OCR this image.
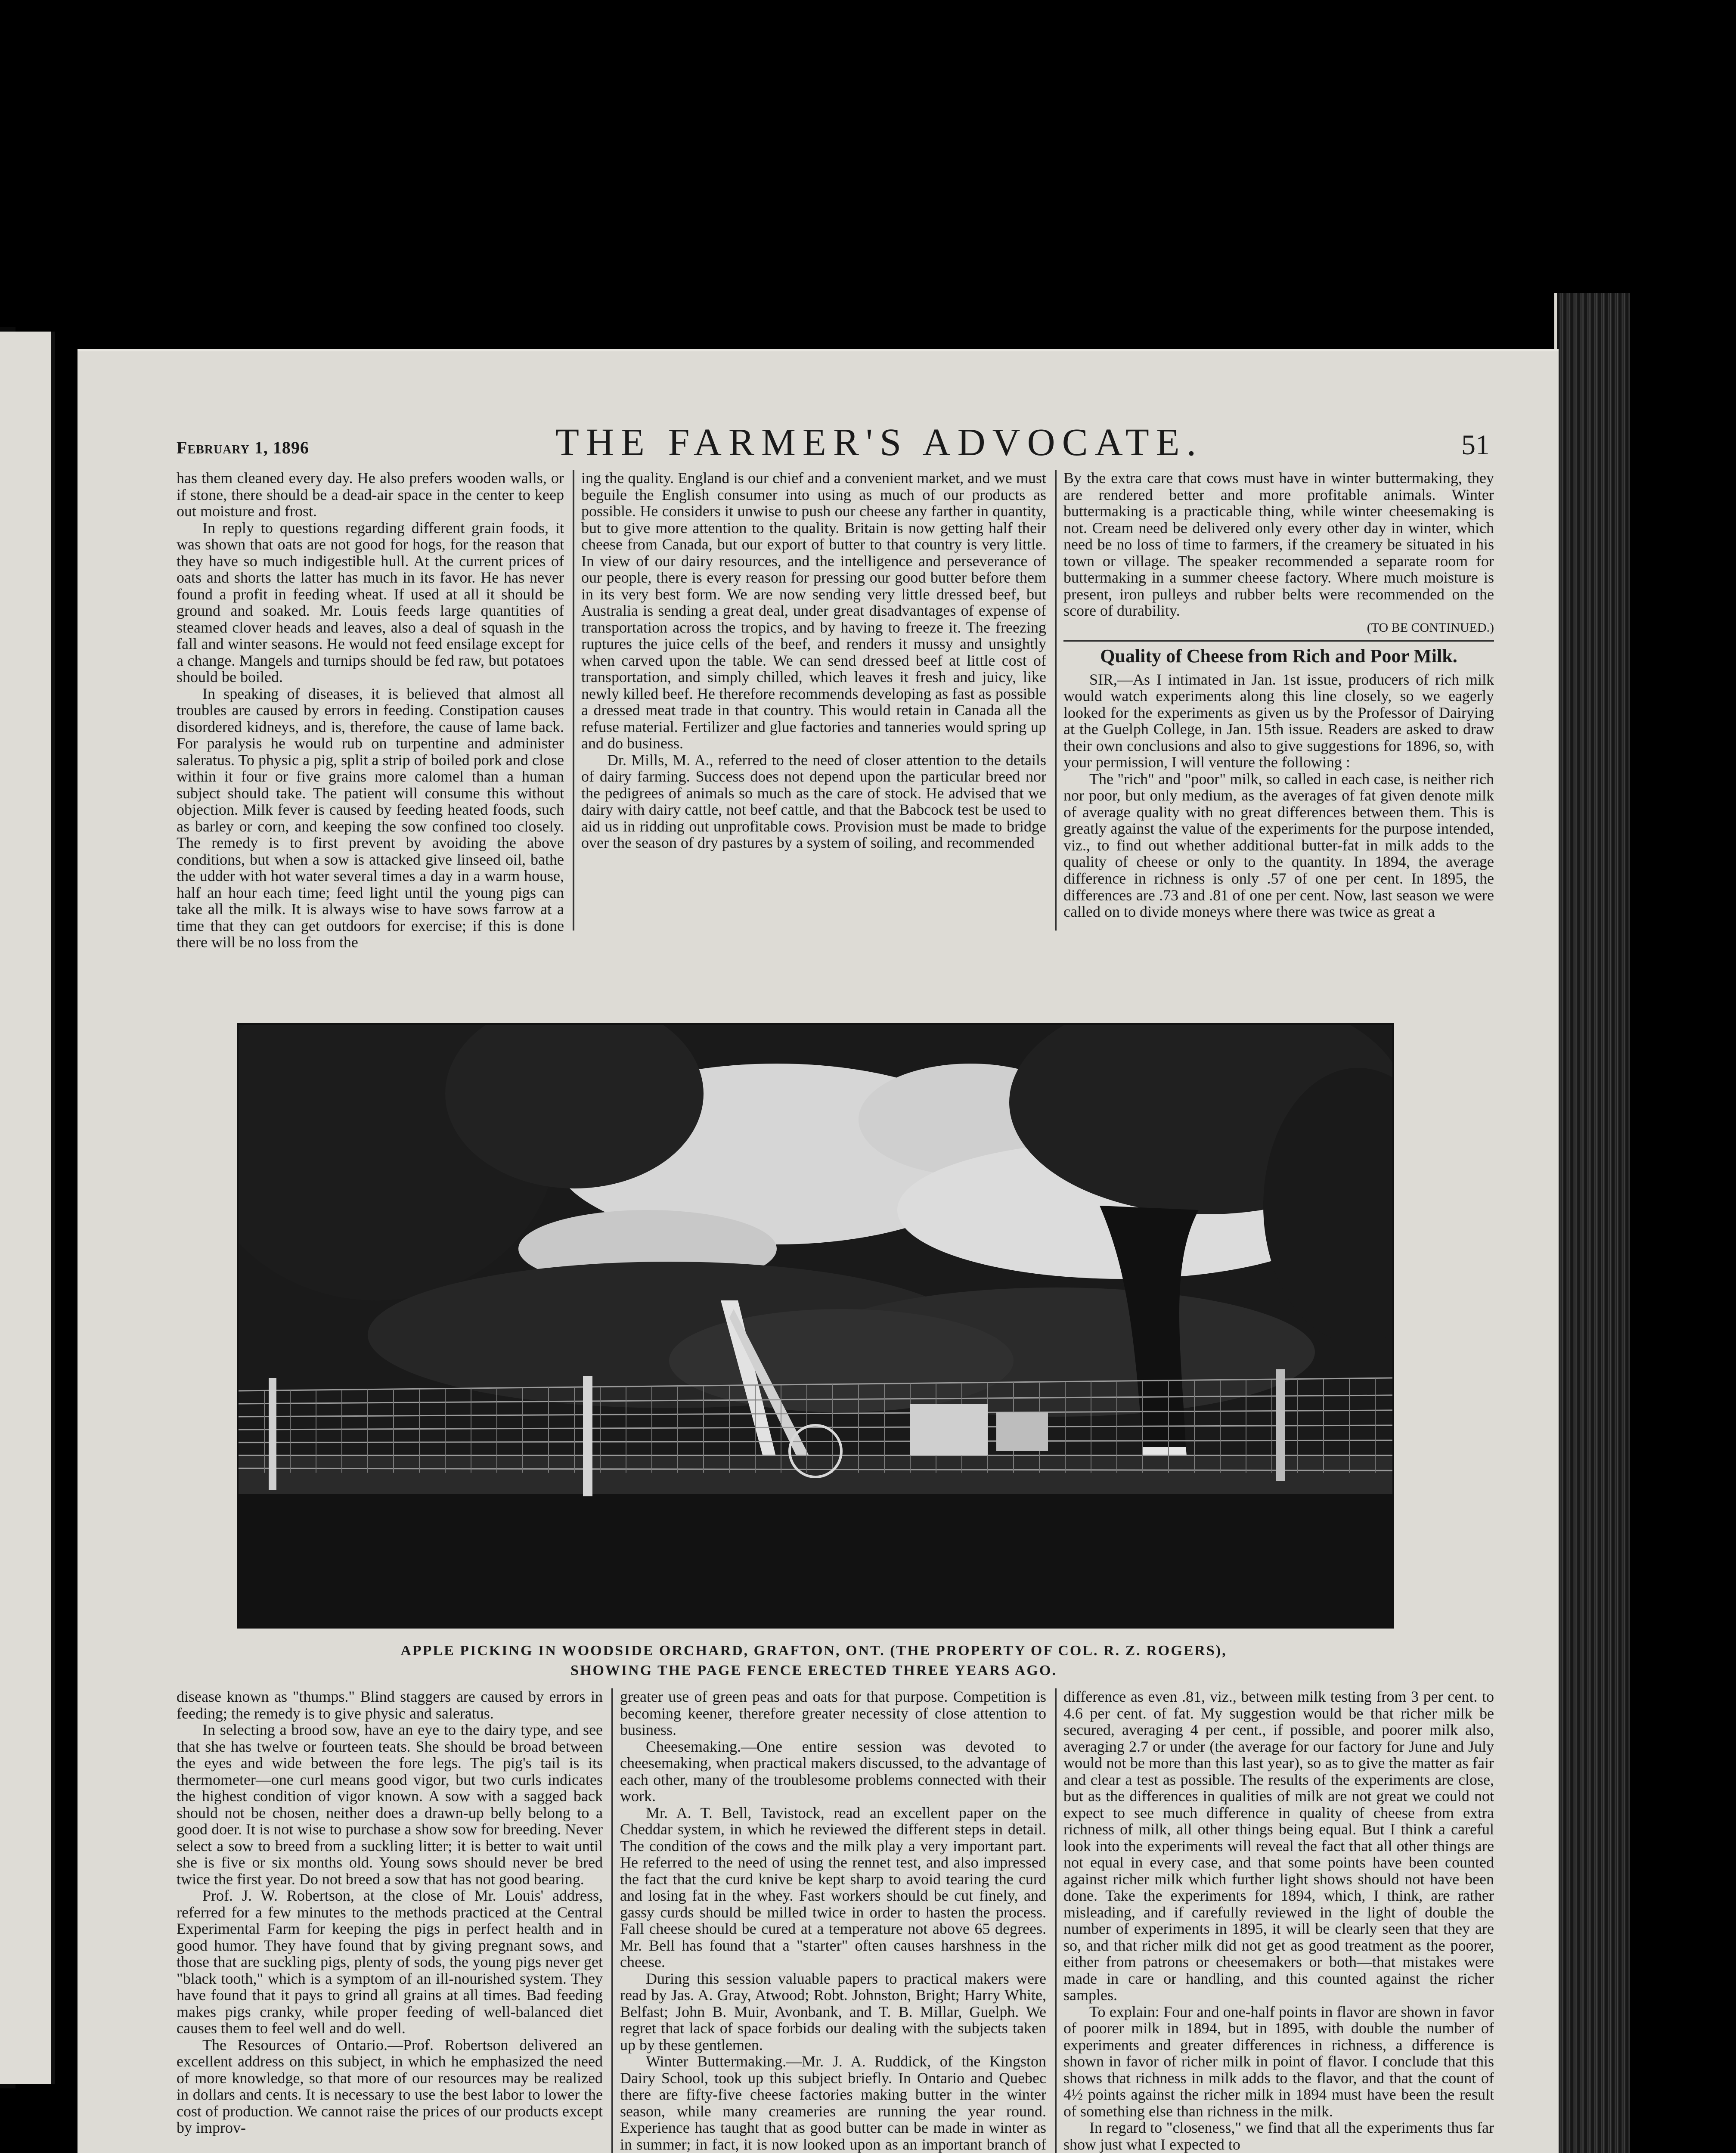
February 1, 1896	THE FARMER'S ADVOCATE.	51

has them cleaned every day. He also prefers wooden walls, or if stone, there should be a dead-air space in the center to keep out moisture and frost.

In reply to questions regarding different grain foods, it was shown that oats are not good for hogs, for the reason that they have so much indigestible hull. At the current prices of oats and shorts the latter has much in its favor. He has never found a profit in feeding wheat. If used at all it should be ground and soaked. Mr. Louis feeds large quantities of steamed clover heads and leaves, also a deal of squash in the fall and winter seasons. He would not feed ensilage except for a change. Mangels and turnips should be fed raw, but potatoes should be boiled.

In speaking of diseases, it is believed that almost all troubles are caused by errors in feeding. Constipation causes disordered kidneys, and is, therefore, the cause of lame back. For paralysis he would rub on turpentine and administer saleratus. To physic a pig, split a strip of boiled pork and close within it four or five grains more calomel than a human subject should take. The patient will consume this without objection. Milk fever is caused by feeding heated foods, such as barley or corn, and keeping the sow confined too closely. The remedy is to first prevent by avoiding the above conditions, but when a sow is attacked give linseed oil, bathe the udder with hot water several times a day in a warm house, half an hour each time; feed light until the young pigs can take all the milk. It is always wise to have sows farrow at a time that they can get outdoors for exercise; if this is done there will be no loss from the

ing the quality. England is our chief and a convenient market, and we must beguile the English consumer into using as much of our products as possible. He considers it unwise to push our cheese any farther in quantity, but to give more attention to the quality. Britain is now getting half their cheese from Canada, but our export of butter to that country is very little. In view of our dairy resources, and the intelligence and perseverance of our people, there is every reason for pressing our good butter before them in its very best form. We are now sending very little dressed beef, but Australia is sending a great deal, under great disadvantages of expense of transportation across the tropics, and by having to freeze it. The freezing ruptures the juice cells of the beef, and renders it mussy and unsightly when carved upon the table. We can send dressed beef at little cost of transportation, and simply chilled, which leaves it fresh and juicy, like newly killed beef. He therefore recommends developing as fast as possible a dressed meat trade in that country. This would retain in Canada all the refuse material. Fertilizer and glue factories and tanneries would spring up and do business.

Dr. Mills, M. A., referred to the need of closer attention to the details of dairy farming. Success does not depend upon the particular breed nor the pedigrees of animals so much as the care of stock. He advised that we dairy with dairy cattle, not beef cattle, and that the Babcock test be used to aid us in ridding out unprofitable cows. Provision must be made to bridge over the season of dry pastures by a system of soiling, and recommended

By the extra care that cows must have in winter buttermaking, they are rendered better and more profitable animals. Winter buttermaking is a practicable thing, while winter cheesemaking is not. Cream need be delivered only every other day in winter, which need be no loss of time to farmers, if the creamery be situated in his town or village. The speaker recommended a separate room for buttermaking in a summer cheese factory. Where much moisture is present, iron pulleys and rubber belts were recommended on the score of durability.

(TO BE CONTINUED.)

Quality of Cheese from Rich and Poor Milk.

SIR,—As I intimated in Jan. 1st issue, producers of rich milk would watch experiments along this line closely, so we eagerly looked for the experiments as given us by the Professor of Dairying at the Guelph College, in Jan. 15th issue. Readers are asked to draw their own conclusions and also to give suggestions for 1896, so, with your permission, I will venture the following :

The "rich" and "poor" milk, so called in each case, is neither rich nor poor, but only medium, as the averages of fat given denote milk of average quality with no great differences between them. This is greatly against the value of the experiments for the purpose intended, viz., to find out whether additional butter-fat in milk adds to the quality of cheese or only to the quantity. In 1894, the average difference in richness is only .57 of one per cent. In 1895, the differences are .73 and .81 of one per cent. Now, last season we were called on to divide moneys where there was twice as great a

APPLE PICKING IN WOODSIDE ORCHARD, GRAFTON, ONT. (THE PROPERTY OF COL. R. Z. ROGERS),
SHOWING THE PAGE FENCE ERECTED THREE YEARS AGO.

disease known as "thumps." Blind staggers are caused by errors in feeding; the remedy is to give physic and saleratus.

In selecting a brood sow, have an eye to the dairy type, and see that she has twelve or fourteen teats. She should be broad between the eyes and wide between the fore legs. The pig's tail is its thermometer—one curl means good vigor, but two curls indicates the highest condition of vigor known. A sow with a sagged back should not be chosen, neither does a drawn-up belly belong to a good doer. It is not wise to purchase a show sow for breeding. Never select a sow to breed from a suckling litter; it is better to wait until she is five or six months old. Young sows should never be bred twice the first year. Do not breed a sow that has not good bearing.

Prof. J. W. Robertson, at the close of Mr. Louis' address, referred for a few minutes to the methods practiced at the Central Experimental Farm for keeping the pigs in perfect health and in good humor. They have found that by giving pregnant sows, and those that are suckling pigs, plenty of sods, the young pigs never get "black tooth," which is a symptom of an ill-nourished system. They have found that it pays to grind all grains at all times. Bad feeding makes pigs cranky, while proper feeding of well-balanced diet causes them to feel well and do well.

The Resources of Ontario.—Prof. Robertson delivered an excellent address on this subject, in which he emphasized the need of more knowledge, so that more of our resources may be realized in dollars and cents. It is necessary to use the best labor to lower the cost of production. We cannot raise the prices of our products except by improv-

greater use of green peas and oats for that purpose. Competition is becoming keener, therefore greater necessity of close attention to business.

Cheesemaking.—One entire session was devoted to cheesemaking, when practical makers discussed, to the advantage of each other, many of the troublesome problems connected with their work.

Mr. A. T. Bell, Tavistock, read an excellent paper on the Cheddar system, in which he reviewed the different steps in detail. The condition of the cows and the milk play a very important part. He referred to the need of using the rennet test, and also impressed the fact that the curd knive be kept sharp to avoid tearing the curd and losing fat in the whey. Fast workers should be cut finely, and gassy curds should be milled twice in order to hasten the process. Fall cheese should be cured at a temperature not above 65 degrees. Mr. Bell has found that a "starter" often causes harshness in the cheese.

During this session valuable papers to practical makers were read by Jas. A. Gray, Atwood; Robt. Johnston, Bright; Harry White, Belfast; John B. Muir, Avonbank, and T. B. Millar, Guelph. We regret that lack of space forbids our dealing with the subjects taken up by these gentlemen.

Winter Buttermaking.—Mr. J. A. Ruddick, of the Kingston Dairy School, took up this subject briefly. In Ontario and Quebec there are fifty-five cheese factories making butter in the winter season, while many creameries are running the year round. Experience has taught that as good butter can be made in winter as in summer; in fact, it is now looked upon as an important branch of

difference as even .81, viz., between milk testing from 3 per cent. to 4.6 per cent. of fat. My suggestion would be that richer milk be secured, averaging 4 per cent., if possible, and poorer milk also, averaging 2.7 or under (the average for our factory for June and July would not be more than this last year), so as to give the matter as fair and clear a test as possible. The results of the experiments are close, but as the differences in qualities of milk are not great we could not expect to see much difference in quality of cheese from extra richness of milk, all other things being equal. But I think a careful look into the experiments will reveal the fact that all other things are not equal in every case, and that some points have been counted against richer milk which further light shows should not have been done. Take the experiments for 1894, which, I think, are rather misleading, and if carefully reviewed in the light of double the number of experiments in 1895, it will be clearly seen that they are so, and that richer milk did not get as good treatment as the poorer, either from patrons or cheesemakers or both—that mistakes were made in care or handling, and this counted against the richer samples.

To explain: Four and one-half points in flavor are shown in favor of poorer milk in 1894, but in 1895, with double the number of experiments and greater differences in richness, a difference is shown in favor of richer milk in point of flavor. I conclude that this shows that richness in milk adds to the flavor, and that the count of 4½ points against the richer milk in 1894 must have been the result of something else than richness in the milk.

In regard to "closeness," we find that all the experiments thus far show just what I expected to
